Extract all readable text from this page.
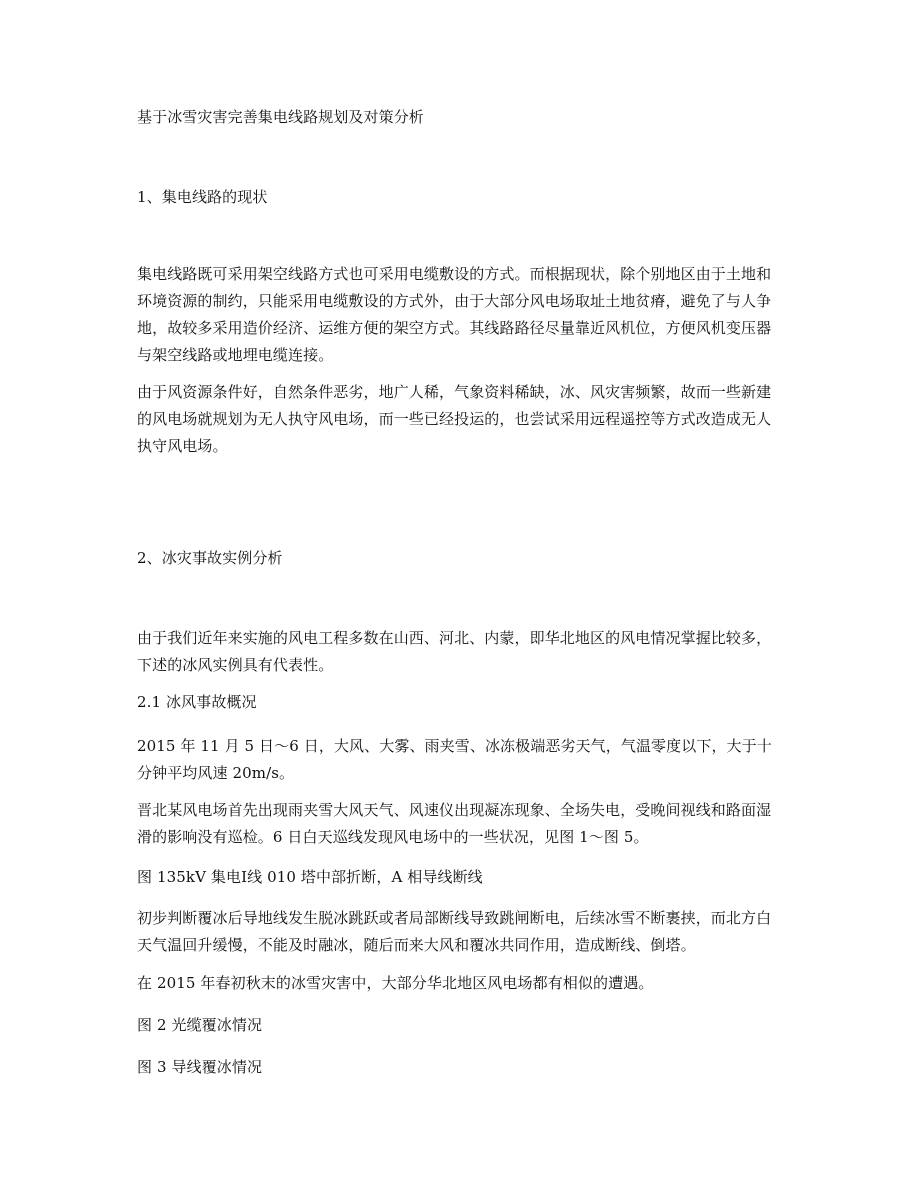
基于冰雪灾害完善集电线路规划及对策分析

1、集电线路的现状

集电线路既可采用架空线路方式也可采用电缆敷设的方式。而根据现状，除个别地区由于土地和环境资源的制约，只能采用电缆敷设的方式外，由于大部分风电场取址土地贫瘠，避免了与人争地，故较多采用造价经济、运维方便的架空方式。其线路路径尽量靠近风机位，方便风机变压器与架空线路或地埋电缆连接。

由于风资源条件好，自然条件恶劣，地广人稀，气象资料稀缺，冰、风灾害频繁，故而一些新建的风电场就规划为无人执守风电场，而一些已经投运的，也尝试采用远程遥控等方式改造成无人执守风电场。

2、冰灾事故实例分析

由于我们近年来实施的风电工程多数在山西、河北、内蒙，即华北地区的风电情况掌握比较多，下述的冰风实例具有代表性。

2.1 冰风事故概况

2015 年 11 月 5 日～6 日，大风、大雾、雨夹雪、冰冻极端恶劣天气，气温零度以下，大于十分钟平均风速 20m/s。

晋北某风电场首先出现雨夹雪大风天气、风速仪出现凝冻现象、全场失电，受晚间视线和路面湿滑的影响没有巡检。6 日白天巡线发现风电场中的一些状况，见图 1～图 5。

图 135kV 集电Ⅰ线 010 塔中部折断，A 相导线断线

初步判断覆冰后导地线发生脱冰跳跃或者局部断线导致跳闸断电，后续冰雪不断裹挟，而北方白天气温回升缓慢，不能及时融冰，随后而来大风和覆冰共同作用，造成断线、倒塔。

在 2015 年春初秋末的冰雪灾害中，大部分华北地区风电场都有相似的遭遇。

图 2 光缆覆冰情况

图 3 导线覆冰情况
